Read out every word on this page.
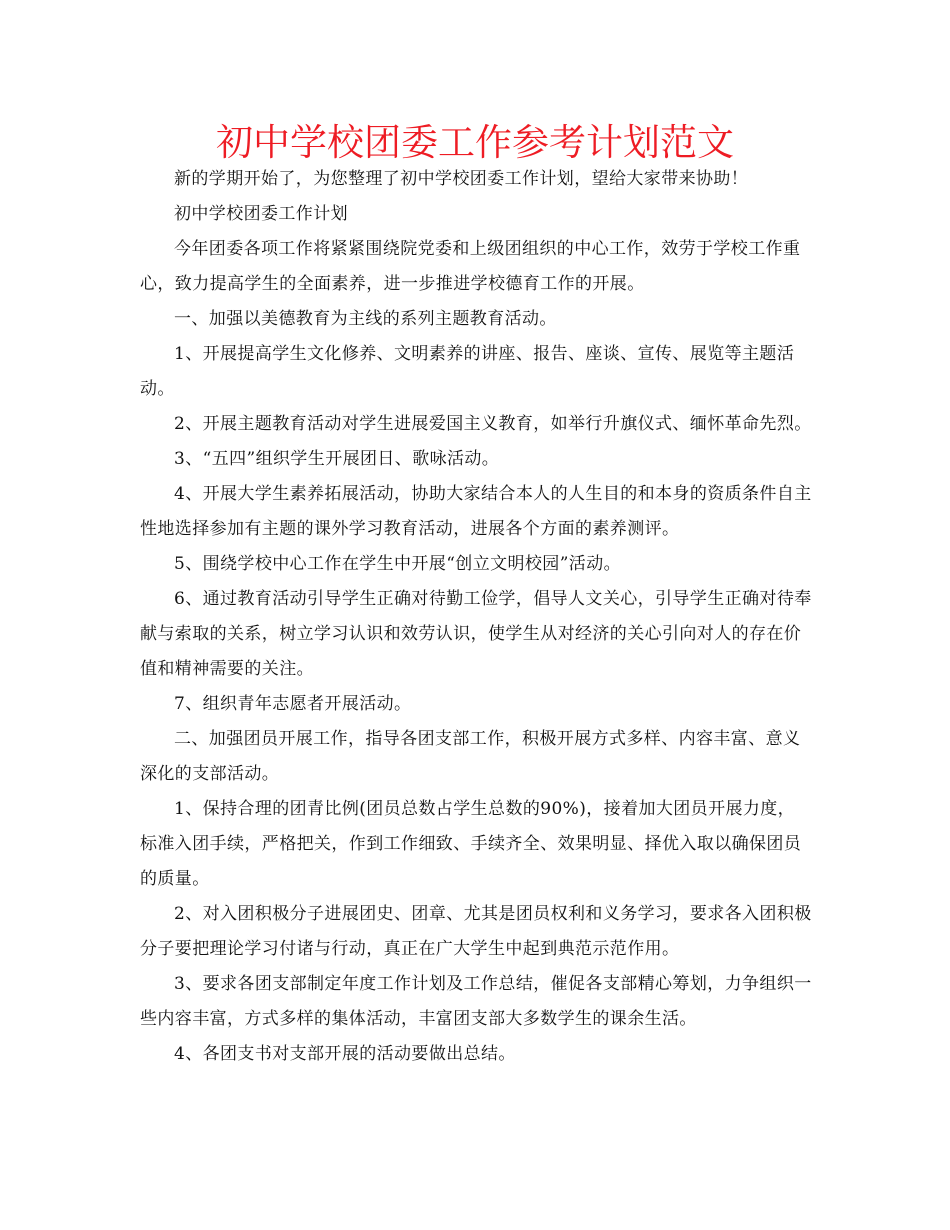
初中学校团委工作参考计划范文

新的学期开始了，为您整理了初中学校团委工作计划，望给大家带来协助！

初中学校团委工作计划

今年团委各项工作将紧紧围绕院党委和上级团组织的中心工作，效劳于学校工作重心，致力提高学生的全面素养，进一步推进学校德育工作的开展。

一、加强以美德教育为主线的系列主题教育活动。

1、开展提高学生文化修养、文明素养的讲座、报告、座谈、宣传、展览等主题活动。

2、开展主题教育活动对学生进展爱国主义教育，如举行升旗仪式、缅怀革命先烈。

3、“五四”组织学生开展团日、歌咏活动。

4、开展大学生素养拓展活动，协助大家结合本人的人生目的和本身的资质条件自主性地选择参加有主题的课外学习教育活动，进展各个方面的素养测评。

5、围绕学校中心工作在学生中开展“创立文明校园”活动。

6、通过教育活动引导学生正确对待勤工俭学，倡导人文关心，引导学生正确对待奉献与索取的关系，树立学习认识和效劳认识，使学生从对经济的关心引向对人的存在价值和精神需要的关注。

7、组织青年志愿者开展活动。

二、加强团员开展工作，指导各团支部工作，积极开展方式多样、内容丰富、意义深化的支部活动。

1、保持合理的团青比例(团员总数占学生总数的90%)，接着加大团员开展力度，标准入团手续，严格把关，作到工作细致、手续齐全、效果明显、择优入取以确保团员的质量。

2、对入团积极分子进展团史、团章、尤其是团员权利和义务学习，要求各入团积极分子要把理论学习付诸与行动，真正在广大学生中起到典范示范作用。

3、要求各团支部制定年度工作计划及工作总结，催促各支部精心筹划，力争组织一些内容丰富，方式多样的集体活动，丰富团支部大多数学生的课余生活。

4、各团支书对支部开展的活动要做出总结。
